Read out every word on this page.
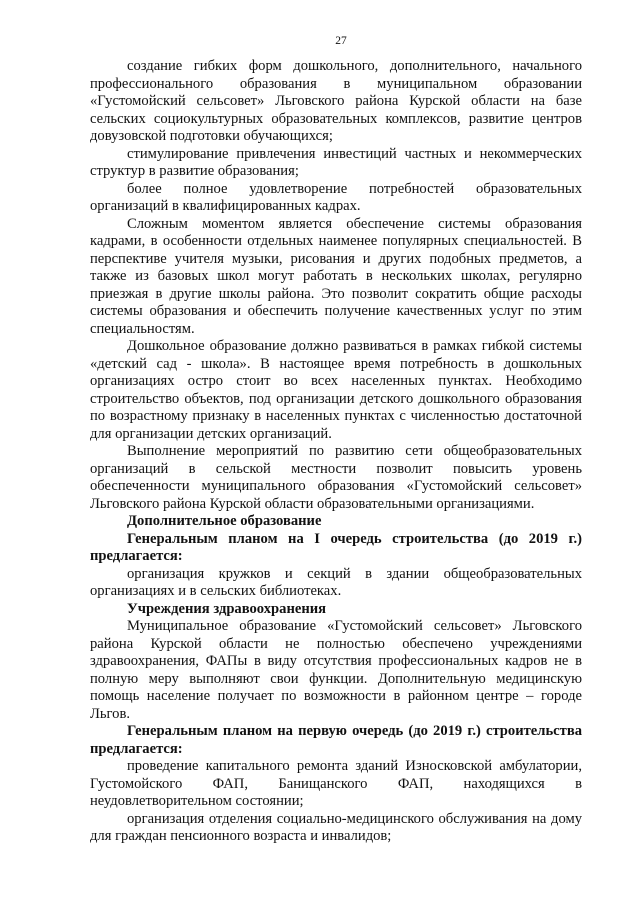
27

создание гибких форм дошкольного, дополнительного, начального профессионального образования в муниципальном образовании «Густомойский сельсовет» Льговского района Курской области на базе сельских социокультурных образовательных комплексов, развитие центров довузовской подготовки обучающихся;

стимулирование привлечения инвестиций частных и некоммерческих структур в развитие образования;

более полное удовлетворение потребностей образовательных организаций в квалифицированных кадрах.

Сложным моментом является обеспечение системы образования кадрами, в особенности отдельных наименее популярных специальностей. В перспективе учителя музыки, рисования и других подобных предметов, а также из базовых школ могут работать в нескольких школах, регулярно приезжая в другие школы района. Это позволит сократить общие расходы системы образования и обеспечить получение качественных услуг по этим специальностям.

Дошкольное образование должно развиваться в рамках гибкой системы «детский сад - школа». В настоящее время потребность в дошкольных организациях остро стоит во всех населенных пунктах. Необходимо строительство объектов, под организации детского дошкольного образования по возрастному признаку в населенных пунктах с численностью достаточной для организации детских организаций.

Выполнение мероприятий по развитию сети общеобразовательных организаций в сельской местности позволит повысить уровень обеспеченности муниципального образования «Густомойский сельсовет» Льговского района Курской области образовательными организациями.

Дополнительное образование

Генеральным планом на I очередь строительства (до 2019 г.) предлагается:

организация кружков и секций в здании общеобразовательных организациях и в сельских библиотеках.

Учреждения здравоохранения

Муниципальное образование «Густомойский сельсовет» Льговского района Курской области не полностью обеспечено учреждениями здравоохранения, ФАПы в виду отсутствия профессиональных кадров не в полную меру выполняют свои функции. Дополнительную медицинскую помощь население получает по возможности в районном центре – городе Льгов.

Генеральным планом на первую очередь (до 2019 г.) строительства предлагается:

проведение капитального ремонта зданий Износковской амбулатории, Густомойского ФАП, Банищанского ФАП, находящихся в неудовлетворительном состоянии;

организация отделения социально-медицинского обслуживания на дому для граждан пенсионного возраста и инвалидов;
